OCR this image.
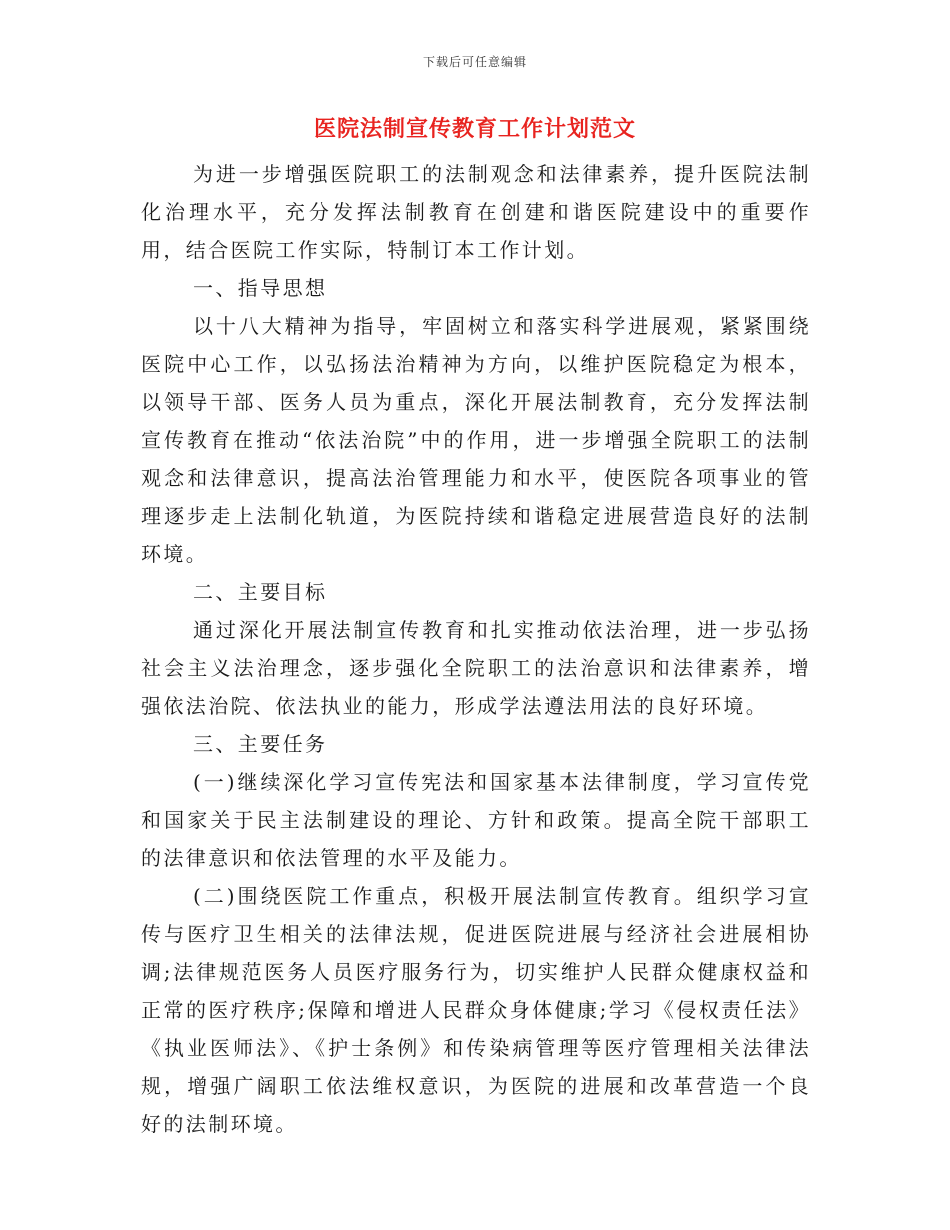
下载后可任意编辑
医院法制宣传教育工作计划范文

为进一步增强医院职工的法制观念和法律素养，提升医院法制化治理水平，充分发挥法制教育在创建和谐医院建设中的重要作用，结合医院工作实际，特制订本工作计划。

一、指导思想

以十八大精神为指导，牢固树立和落实科学进展观，紧紧围绕医院中心工作，以弘扬法治精神为方向，以维护医院稳定为根本，以领导干部、医务人员为重点，深化开展法制教育，充分发挥法制宣传教育在推动“依法治院”中的作用，进一步增强全院职工的法制观念和法律意识，提高法治管理能力和水平，使医院各项事业的管理逐步走上法制化轨道，为医院持续和谐稳定进展营造良好的法制环境。

二、主要目标

通过深化开展法制宣传教育和扎实推动依法治理，进一步弘扬社会主义法治理念，逐步强化全院职工的法治意识和法律素养，增强依法治院、依法执业的能力，形成学法遵法用法的良好环境。

三、主要任务

(一)继续深化学习宣传宪法和国家基本法律制度，学习宣传党和国家关于民主法制建设的理论、方针和政策。提高全院干部职工的法律意识和依法管理的水平及能力。

(二)围绕医院工作重点，积极开展法制宣传教育。组织学习宣传与医疗卫生相关的法律法规，促进医院进展与经济社会进展相协调;法律规范医务人员医疗服务行为，切实维护人民群众健康权益和正常的医疗秩序;保障和增进人民群众身体健康;学习《侵权责任法》《执业医师法》、《护士条例》和传染病管理等医疗管理相关法律法规，增强广阔职工依法维权意识，为医院的进展和改革营造一个良好的法制环境。
